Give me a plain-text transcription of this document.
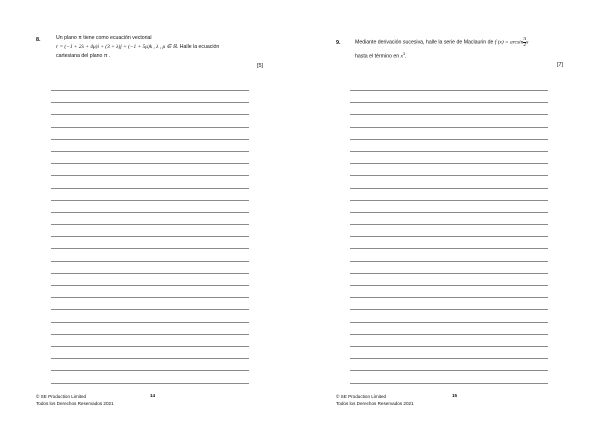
8.	Un plano π tiene como ecuación vectorial
r = (−1 + 2λ + 4μ)i + (3 + λ)j + (−1 + 5μ)k , λ , μ ∈ ℝ. Halle la ecuación
cartesiana del plano π .
[5]
© SE Production Limited
Todos los Derechos Reservados 2021
14
9.	Mediante derivación sucesiva, halle la serie de Maclaurin de f $(x) = \arcsin \frac{\pi}{2}$ x
hasta el término en $x^3$.
[7]
© SE Production Limited
Todos los Derechos Reservados 2021
15
